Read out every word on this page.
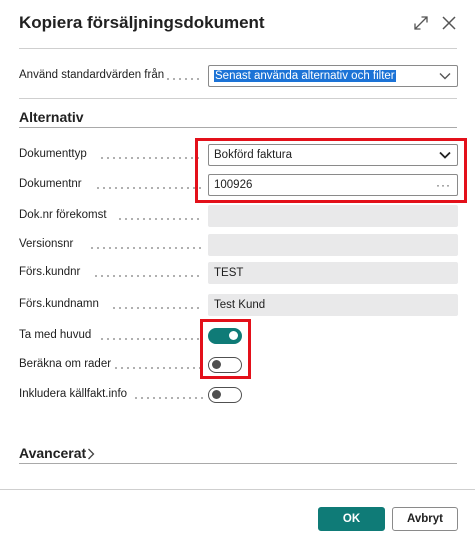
Kopiera försäljningsdokument
Använd standardvärden från	Senast använda alternativ och filter
Alternativ
Dokumenttyp	Bokförd faktura
Dokumentnr	100926	···
Dok.nr förekomst
Versionsnr
Förs.kundnr	TEST
Förs.kundnamn	Test Kund
Ta med huvud
Beräkna om rader
Inkludera källfakt.info
Avancerat
OK	Avbryt
